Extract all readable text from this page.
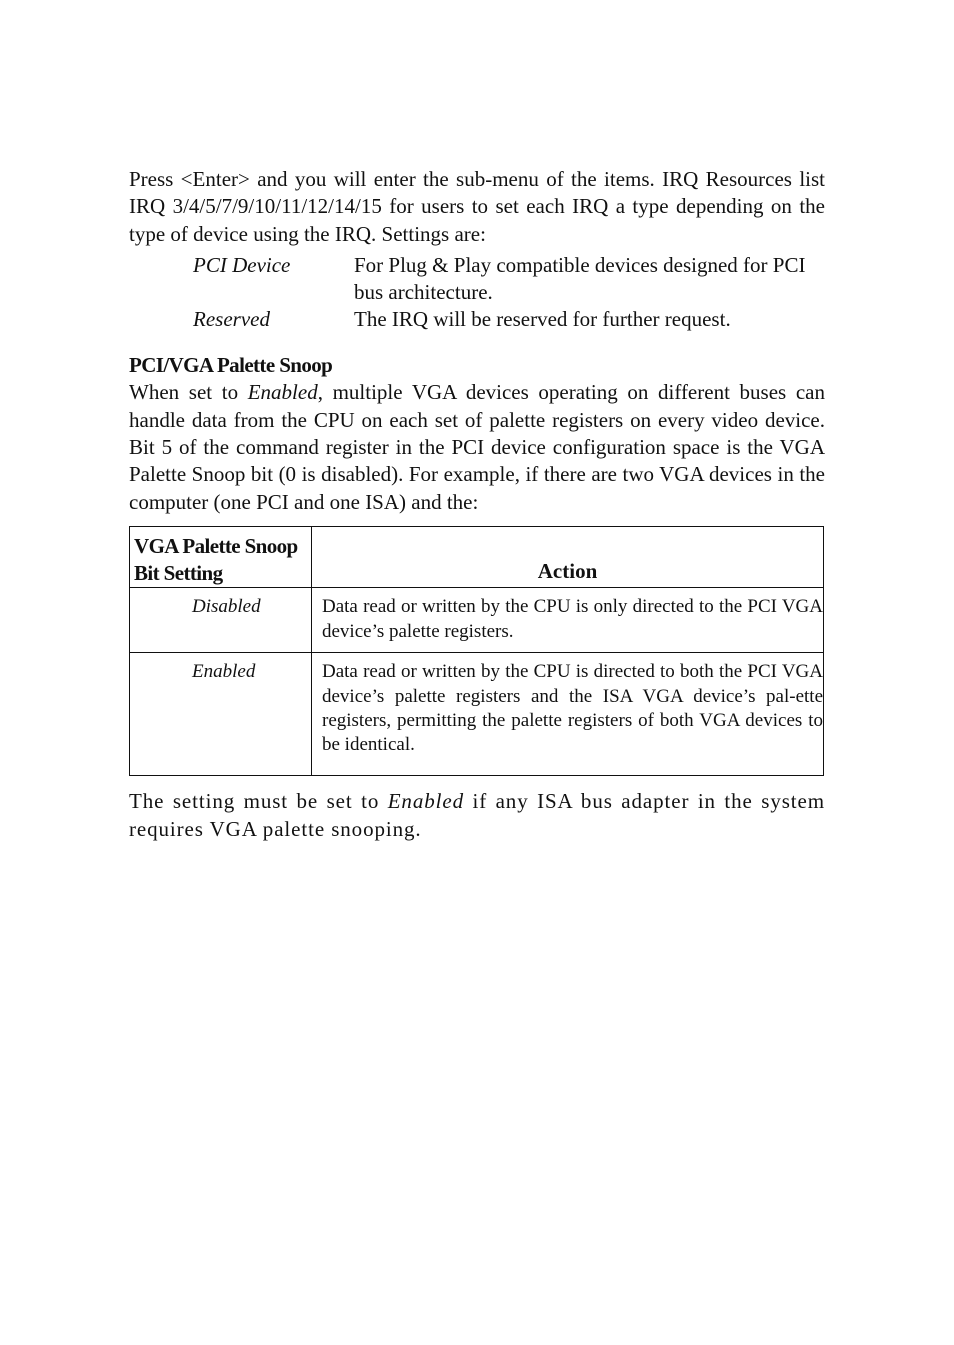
Press <Enter> and you will enter the sub-menu of the items. IRQ Resources list IRQ 3/4/5/7/9/10/11/12/14/15 for users to set each IRQ a type depending on the type of device using the IRQ. Settings are:

PCI Device	For Plug & Play compatible devices designed for PCI bus architecture.
Reserved	The IRQ will be reserved for further request.
PCI/VGA Palette Snoop

When set to Enabled, multiple VGA devices operating on different buses can handle data from the CPU on each set of palette registers on every video device. Bit 5 of the command register in the PCI device configuration space is the VGA Palette Snoop bit (0 is disabled). For example, if there are two VGA devices in the computer (one PCI and one ISA) and the:

VGA Palette Snoop
Bit Setting	Action
Disabled	Data read or written by the CPU is only directed to the PCI VGA device’s palette registers.
Enabled	Data read or written by the CPU is directed to both the PCI VGA device’s palette registers and the ISA VGA device’s pal-ette registers, permitting the palette registers of both VGA devices to be identical.

The setting must be set to Enabled if any ISA bus adapter in the system requires VGA palette snooping.
